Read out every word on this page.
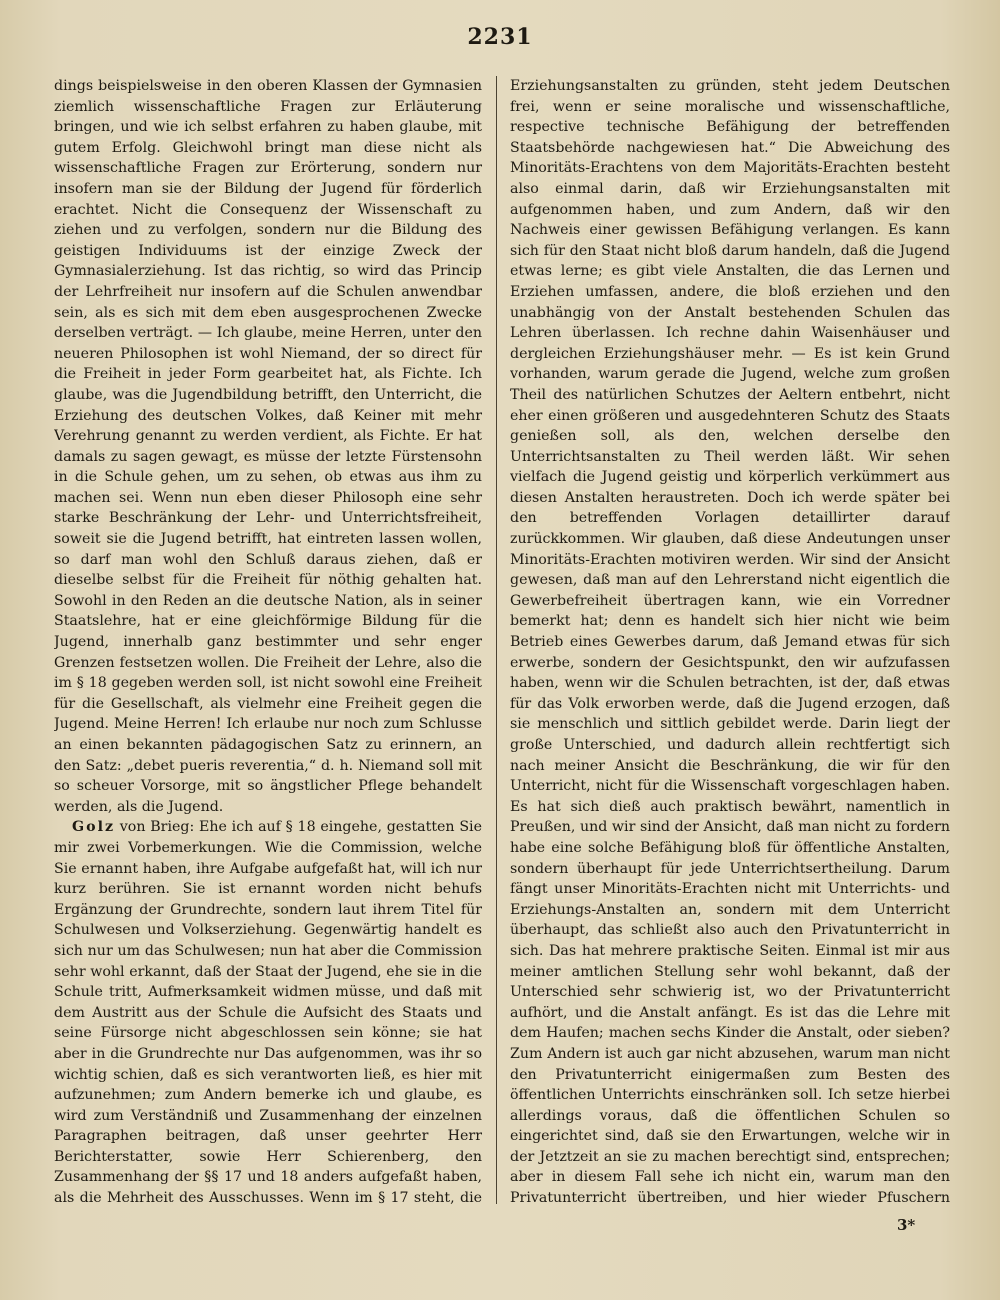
2231

dings beispielsweise in den oberen Klassen der Gymnasien ziemlich wissenschaftliche Fragen zur Erläuterung bringen, und wie ich selbst erfahren zu haben glaube, mit gutem Erfolg. Gleichwohl bringt man diese nicht als wissenschaftliche Fragen zur Erörterung, sondern nur insofern man sie der Bildung der Jugend für förderlich erachtet. Nicht die Consequenz der Wissenschaft zu ziehen und zu verfolgen, sondern nur die Bildung des geistigen Individuums ist der einzige Zweck der Gymnasialerziehung. Ist das richtig, so wird das Princip der Lehrfreiheit nur insofern auf die Schulen anwendbar sein, als es sich mit dem eben ausgesprochenen Zwecke derselben verträgt. — Ich glaube, meine Herren, unter den neueren Philosophen ist wohl Niemand, der so direct für die Freiheit in jeder Form gearbeitet hat, als Fichte. Ich glaube, was die Jugendbildung betrifft, den Unterricht, die Erziehung des deutschen Volkes, daß Keiner mit mehr Verehrung genannt zu werden verdient, als Fichte. Er hat damals zu sagen gewagt, es müsse der letzte Fürstensohn in die Schule gehen, um zu sehen, ob etwas aus ihm zu machen sei. Wenn nun eben dieser Philosoph eine sehr starke Beschränkung der Lehr- und Unterrichtsfreiheit, soweit sie die Jugend betrifft, hat eintreten lassen wollen, so darf man wohl den Schluß daraus ziehen, daß er dieselbe selbst für die Freiheit für nöthig gehalten hat. Sowohl in den Reden an die deutsche Nation, als in seiner Staatslehre, hat er eine gleichförmige Bildung für die Jugend, innerhalb ganz bestimmter und sehr enger Grenzen festsetzen wollen. Die Freiheit der Lehre, also die im § 18 gegeben werden soll, ist nicht sowohl eine Freiheit für die Gesellschaft, als vielmehr eine Freiheit gegen die Jugend. Meine Herren! Ich erlaube nur noch zum Schlusse an einen bekannten pädagogischen Satz zu erinnern, an den Satz: „debet pueris reverentia,“ d. h. Niemand soll mit so scheuer Vorsorge, mit so ängstlicher Pflege behandelt werden, als die Jugend.

Golz von Brieg: Ehe ich auf § 18 eingehe, gestatten Sie mir zwei Vorbemerkungen. Wie die Commission, welche Sie ernannt haben, ihre Aufgabe aufgefaßt hat, will ich nur kurz berühren. Sie ist ernannt worden nicht behufs Ergänzung der Grundrechte, sondern laut ihrem Titel für Schulwesen und Volkserziehung. Gegenwärtig handelt es sich nur um das Schulwesen; nun hat aber die Commission sehr wohl erkannt, daß der Staat der Jugend, ehe sie in die Schule tritt, Aufmerksamkeit widmen müsse, und daß mit dem Austritt aus der Schule die Aufsicht des Staats und seine Fürsorge nicht abgeschlossen sein könne; sie hat aber in die Grundrechte nur Das aufgenommen, was ihr so wichtig schien, daß es sich verantworten ließ, es hier mit aufzunehmen; zum Andern bemerke ich und glaube, es wird zum Verständniß und Zusammenhang der einzelnen Paragraphen beitragen, daß unser geehrter Herr Berichterstatter, sowie Herr Schierenberg, den Zusammenhang der §§ 17 und 18 anders aufgefaßt haben, als die Mehrheit des Ausschusses. Wenn im § 17 steht, die

Erziehungsanstalten zu gründen, steht jedem Deutschen frei, wenn er seine moralische und wissenschaftliche, respective technische Befähigung der betreffenden Staatsbehörde nachgewiesen hat.“ Die Abweichung des Minoritäts-Erachtens von dem Majoritäts-Erachten besteht also einmal darin, daß wir Erziehungsanstalten mit aufgenommen haben, und zum Andern, daß wir den Nachweis einer gewissen Befähigung verlangen. Es kann sich für den Staat nicht bloß darum handeln, daß die Jugend etwas lerne; es gibt viele Anstalten, die das Lernen und Erziehen umfassen, andere, die bloß erziehen und den unabhängig von der Anstalt bestehenden Schulen das Lehren überlassen. Ich rechne dahin Waisenhäuser und dergleichen Erziehungshäuser mehr. — Es ist kein Grund vorhanden, warum gerade die Jugend, welche zum großen Theil des natürlichen Schutzes der Aeltern entbehrt, nicht eher einen größeren und ausgedehnteren Schutz des Staats genießen soll, als den, welchen derselbe den Unterrichtsanstalten zu Theil werden läßt. Wir sehen vielfach die Jugend geistig und körperlich verkümmert aus diesen Anstalten heraustreten. Doch ich werde später bei den betreffenden Vorlagen detaillirter darauf zurückkommen. Wir glauben, daß diese Andeutungen unser Minoritäts-Erachten motiviren werden. Wir sind der Ansicht gewesen, daß man auf den Lehrerstand nicht eigentlich die Gewerbefreiheit übertragen kann, wie ein Vorredner bemerkt hat; denn es handelt sich hier nicht wie beim Betrieb eines Gewerbes darum, daß Jemand etwas für sich erwerbe, sondern der Gesichtspunkt, den wir aufzufassen haben, wenn wir die Schulen betrachten, ist der, daß etwas für das Volk erworben werde, daß die Jugend erzogen, daß sie menschlich und sittlich gebildet werde. Darin liegt der große Unterschied, und dadurch allein rechtfertigt sich nach meiner Ansicht die Beschränkung, die wir für den Unterricht, nicht für die Wissenschaft vorgeschlagen haben. Es hat sich dieß auch praktisch bewährt, namentlich in Preußen, und wir sind der Ansicht, daß man nicht zu fordern habe eine solche Befähigung bloß für öffentliche Anstalten, sondern überhaupt für jede Unterrichtsertheilung. Darum fängt unser Minoritäts-Erachten nicht mit Unterrichts- und Erziehungs-Anstalten an, sondern mit dem Unterricht überhaupt, das schließt also auch den Privatunterricht in sich. Das hat mehrere praktische Seiten. Einmal ist mir aus meiner amtlichen Stellung sehr wohl bekannt, daß der Unterschied sehr schwierig ist, wo der Privatunterricht aufhört, und die Anstalt anfängt. Es ist das die Lehre mit dem Haufen; machen sechs Kinder die Anstalt, oder sieben? Zum Andern ist auch gar nicht abzusehen, warum man nicht den Privatunterricht einigermaßen zum Besten des öffentlichen Unterrichts einschränken soll. Ich setze hierbei allerdings voraus, daß die öffentlichen Schulen so eingerichtet sind, daß sie den Erwartungen, welche wir in der Jetztzeit an sie zu machen berechtigt sind, entsprechen; aber in diesem Fall sehe ich nicht ein, warum man den Privatunterricht übertreiben, und hier wieder Pfuschern

3*
